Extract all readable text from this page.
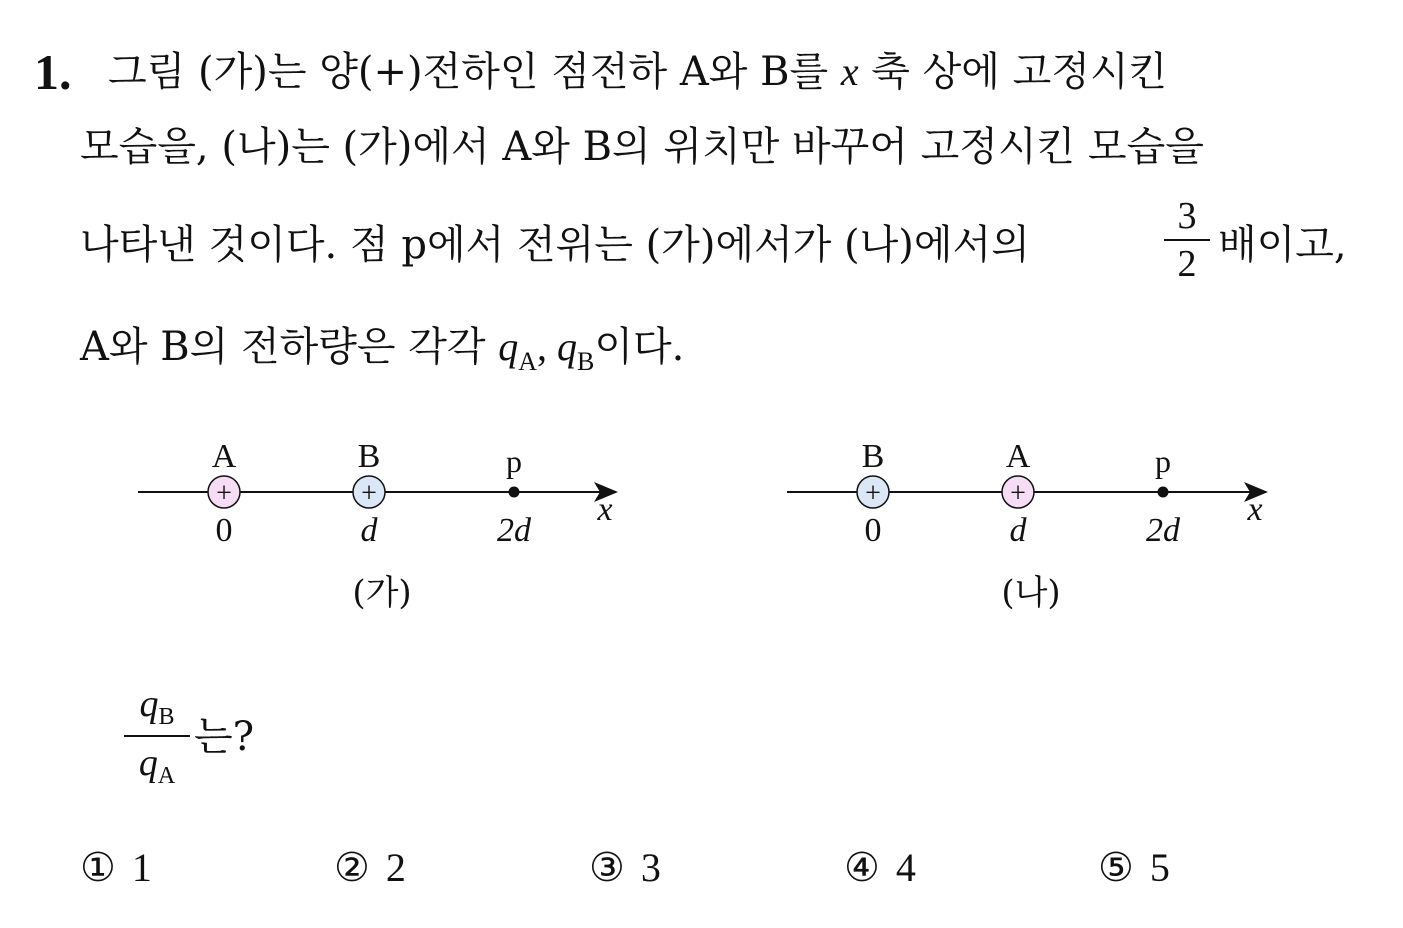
1. 그림 (가)는 양(+)전하인 점전하 A와 B를 x 축 상에 고정시킨
모습을, (나)는 (가)에서 A와 B의 위치만 바꾸어 고정시킨 모습을
나타낸 것이다. 점 p에서 전위는 (가)에서가 (나)에서의
3
2 배이고,
A와 B의 전하량은 각각 $q_A$, $q_B$이다.
A
+
B
+
p
0	d	2d
x
(가)
B
+
A
+
p
0	d	2d
x
(나)
$q_B$
$q_A$
는?
① 1	② 2	③ 3	④ 4	⑤ 5
